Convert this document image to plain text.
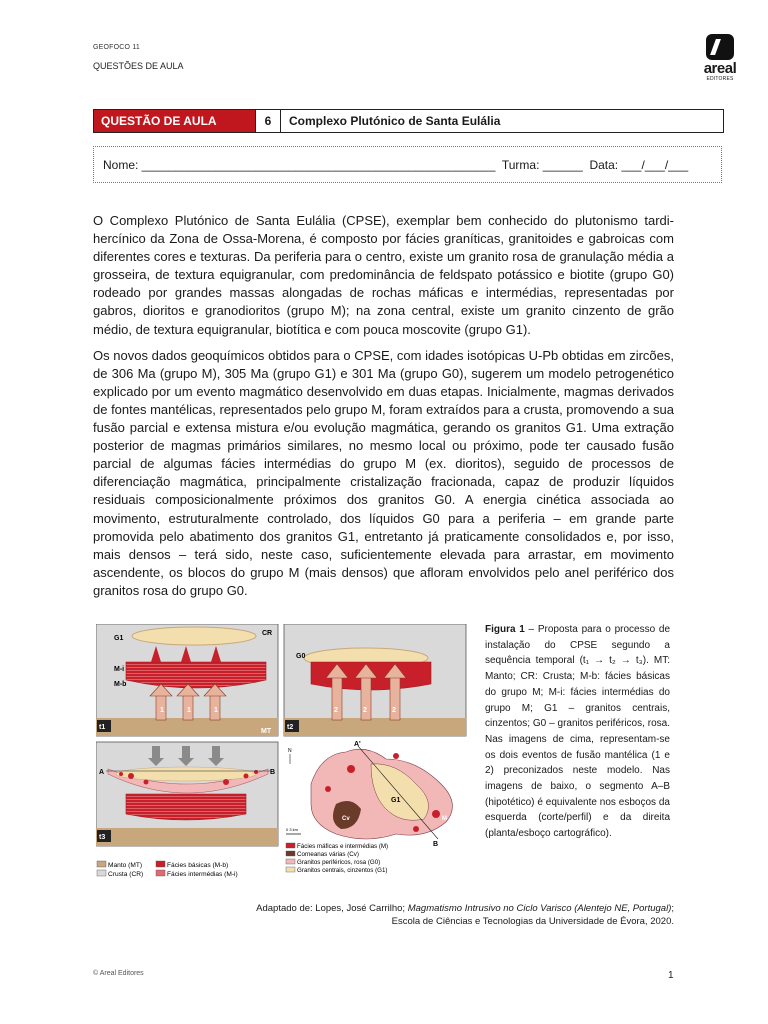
GEOFOCO 11
QUESTÕES DE AULA	areal
EDITORES
QUESTÃO DE AULA	6	Complexo Plutónico de Santa Eulália
Nome: _____________________________________________________  Turma: ______  Data: ___/___/___

O Complexo Plutónico de Santa Eulália (CPSE), exemplar bem conhecido do plutonismo tardi-hercínico da Zona de Ossa-Morena, é composto por fácies graníticas, granitoides e gabroicas com diferentes cores e texturas. Da periferia para o centro, existe um granito rosa de granulação média a grosseira, de textura equigranular, com predominância de feldspato potássico e biotite (grupo G0) rodeado por grandes massas alongadas de rochas máficas e intermédias, representadas por gabros, dioritos e granodioritos (grupo M); na zona central, existe um granito cinzento de grão médio, de textura equigranular, biotítica e com pouca moscovite (grupo G1).

Os novos dados geoquímicos obtidos para o CPSE, com idades isotópicas U-Pb obtidas em zircões, de 306 Ma (grupo M), 305 Ma (grupo G1) e 301 Ma (grupo G0), sugerem um modelo petrogenético explicado por um evento magmático desenvolvido em duas etapas. Inicialmente, magmas derivados de fontes mantélicas, representados pelo grupo M, foram extraídos para a crusta, promovendo a sua fusão parcial e extensa mistura e/ou evolução magmática, gerando os granitos G1. Uma extração posterior de magmas primários similares, no mesmo local ou próximo, pode ter causado fusão parcial de algumas fácies intermédias do grupo M (ex. dioritos), seguido de processos de diferenciação magmática, principalmente cristalização fracionada, capaz de produzir líquidos residuais composicionalmente próximos dos granitos G0. A energia cinética associada ao movimento, estruturalmente controlado, dos líquidos G0 para a periferia – em grande parte promovida pelo abatimento dos granitos G1, entretanto já praticamente consolidados e, por isso, mais densos – terá sido, neste caso, suficientemente elevada para arrastar, em movimento ascendente, os blocos do grupo M (mais densos) que afloram envolvidos pelo anel periférico dos granitos rosa do grupo G0.

G1
CR
M-i
M-b
1	1	1
t1
MT
G0
2	2	2
t2
A	B
t3
N
A'
B
G1
Cv	M
0 3 km
Manto (MT)	Fácies básicas (M-b)
Crusta (CR)	Fácies intermédias (M-i)
Fácies máficas e intermédias (M)
Corneanas várias (Cv)
Granitos periféricos, rosa (G0)
Granitos centrais, cinzentos (G1)
Figura 1 – Proposta para o processo de instalação do CPSE segundo a sequência temporal (t₁ → t₂ → t₃). MT: Manto; CR: Crusta; M-b: fácies básicas do grupo M; M-i: fácies intermédias do grupo M; G1 – granitos centrais, cinzentos; G0 – granitos periféricos, rosa. Nas imagens de cima, representam-se os dois eventos de fusão mantélica (1 e 2) preconizados neste modelo. Nas imagens de baixo, o segmento A–B (hipotético) é equivalente nos esboços da esquerda (corte/perfil) e da direita (planta/esboço cartográfico).
Adaptado de: Lopes, José Carrilho; Magmatismo Intrusivo no Ciclo Varisco (Alentejo NE, Portugal);
Escola de Ciências e Tecnologias da Universidade de Évora, 2020.
© Areal Editores	1
